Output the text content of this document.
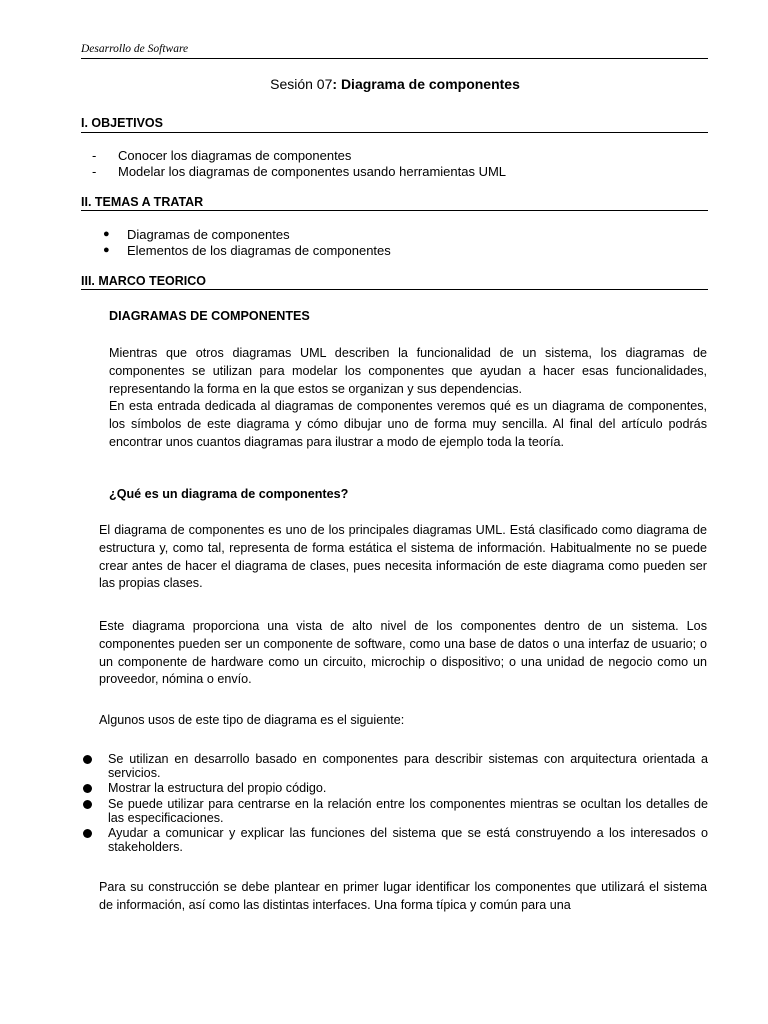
Desarrollo de Software
Sesión 07: Diagrama de componentes
I. OBJETIVOS
- Conocer los diagramas de componentes
- Modelar los diagramas de componentes usando herramientas UML
II. TEMAS A TRATAR
● Diagramas de componentes
● Elementos de los diagramas de componentes
III. MARCO TEORICO
DIAGRAMAS DE COMPONENTES

Mientras que otros diagramas UML describen la funcionalidad de un sistema, los diagramas de componentes se utilizan para modelar los componentes que ayudan a hacer esas funcionalidades, representando la forma en la que estos se organizan y sus dependencias.

En esta entrada dedicada al diagramas de componentes veremos qué es un diagrama de componentes, los símbolos de este diagrama y cómo dibujar uno de forma muy sencilla. Al final del artículo podrás encontrar unos cuantos diagramas para ilustrar a modo de ejemplo toda la teoría.

¿Qué es un diagrama de componentes?

El diagrama de componentes es uno de los principales diagramas UML. Está clasificado como diagrama de estructura y, como tal, representa de forma estática el sistema de información. Habitualmente no se puede crear antes de hacer el diagrama de clases, pues necesita información de este diagrama como pueden ser las propias clases.

Este diagrama proporciona una vista de alto nivel de los componentes dentro de un sistema. Los componentes pueden ser un componente de software, como una base de datos o una interfaz de usuario; o un componente de hardware como un circuito, microchip o dispositivo; o una unidad de negocio como un proveedor, nómina o envío.

Algunos usos de este tipo de diagrama es el siguiente:

Se utilizan en desarrollo basado en componentes para describir sistemas con arquitectura orientada a servicios.
Mostrar la estructura del propio código.
Se puede utilizar para centrarse en la relación entre los componentes mientras se ocultan los detalles de las especificaciones.
Ayudar a comunicar y explicar las funciones del sistema que se está construyendo a los interesados o stakeholders.

Para su construcción se debe plantear en primer lugar identificar los componentes que utilizará el sistema de información, así como las distintas interfaces. Una forma típica y común para una
